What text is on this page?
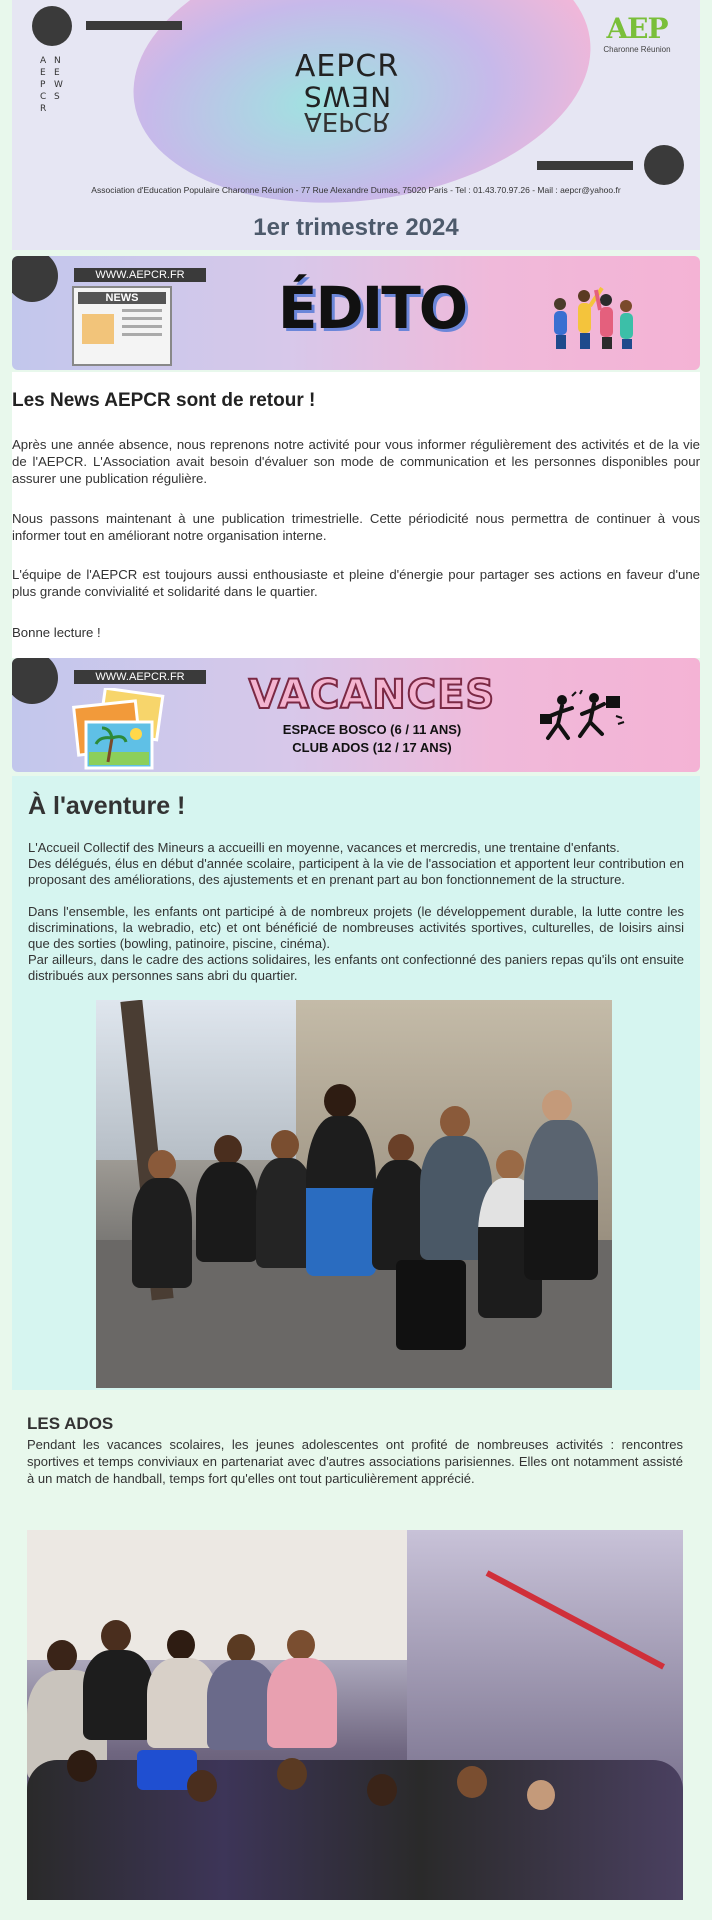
A
E
P
C
R
N
E
W
S
AEPCR
NEWS
AEPCR
AEP
Charonne Réunion
Association d'Education Populaire Charonne Réunion - 77 Rue Alexandre Dumas, 75020 Paris - Tel : 01.43.70.97.26 - Mail : aepcr@yahoo.fr
1er trimestre 2024
WWW.AEPCR.FR
NEWS	ÉDITO
Les News AEPCR sont de retour !

Après une année absence, nous reprenons notre activité pour vous informer régulièrement des activités et de la vie de l'AEPCR. L'Association avait besoin d'évaluer son mode de communication et les personnes disponibles pour assurer une publication régulière.

Nous passons maintenant à une publication trimestrielle. Cette périodicité nous permettra de continuer à vous informer tout en améliorant notre organisation interne.

L'équipe de l'AEPCR est toujours aussi enthousiaste et pleine d'énergie pour partager ses actions en faveur d'une plus grande convivialité et solidarité dans le quartier.

Bonne lecture !

WWW.AEPCR.FR	VACANCES
ESPACE BOSCO (6 / 11 ANS)
CLUB ADOS (12 / 17 ANS)
À l'aventure !

L'Accueil Collectif des Mineurs a accueilli en moyenne, vacances et mercredis, une trentaine d'enfants.

Des délégués, élus en début d'année scolaire, participent à la vie de l'association et apportent leur contribution en proposant des améliorations, des ajustements et en prenant part au bon fonctionnement de la structure.

Dans l'ensemble, les enfants ont participé à de nombreux projets (le développement durable, la lutte contre les discriminations, la webradio, etc) et ont bénéficié de nombreuses activités sportives, culturelles, de loisirs ainsi que des sorties (bowling, patinoire, piscine, cinéma).

Par ailleurs, dans le cadre des actions solidaires, les enfants ont confectionné des paniers repas qu'ils ont ensuite distribués aux personnes sans abri du quartier.

LES ADOS

Pendant les vacances scolaires, les jeunes adolescentes ont profité de nombreuses activités : rencontres sportives et temps conviviaux en partenariat avec d'autres associations parisiennes. Elles ont notamment assisté à un match de handball, temps fort qu'elles ont tout particulièrement apprécié.
